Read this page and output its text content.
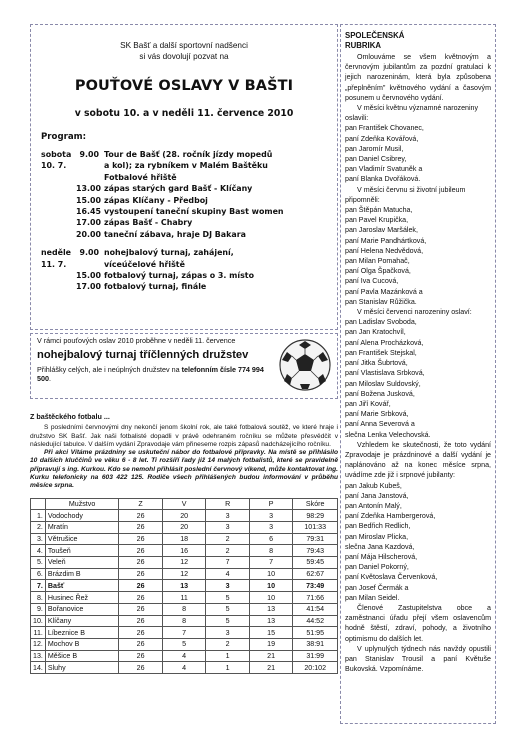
SK Bašť a další sportovní nadšenci
si vás dovolují pozvat na
POUŤOVÉ OSLAVY V BAŠTI
v sobotu 10. a v neděli 11. července 2010
Program:
sobota
10. 7.
9.00 Tour de Bašť (28. ročník jízdy mopedů
a kol); za rybníkem v Malém Baštěku
Fotbalové hřiště
13.00 zápas starých gard Bašť - Klíčany
15.00 zápas Klíčany - Předboj
16.45 vystoupení taneční skupiny Bast women
17.00 zápas Bašť - Chabry
20.00 taneční zábava, hraje DJ Bakara
neděle
11. 7.
9.00 nohejbalový turnaj, zahájení,
víceúčelové hřiště
15.00 fotbalový turnaj, zápas o 3. místo
17.00 fotbalový turnaj, finále
V rámci pouťových oslav 2010 proběhne v neděli 11. července
nohejbalový turnaj tříčlenných družstev
Přihlášky celých, ale i neúplných družstev na telefonním čísle 774 994 500.
Z baštěckého fotbalu ...

S posledními červnovými dny nekončí jenom školní rok, ale také fotbalová soutěž, ve které hraje i družstvo SK Bašť. Jak naši fotbalisté dopadli v právě odehraném ročníku se můžete přesvědčit v následující tabulce. V dalším vydání Zpravodaje vám přineseme rozpis zápasů nadcházejícího ročníku.

Při akci Vítáme prázdniny se uskuteční nábor do fotbalové přípravky. Na místě se přihlásilo 10 dalších kluččinů ve věku 6 - 8 let. Ti rozšíří řady již 14 malých fotbalistů, které se pravidelně připravují s ing. Kurkou. Kdo se nemohl přihlásit poslední červnový víkend, může kontaktovat ing. Kurku telefonicky na 603 422 125. Rodiče všech přihlášených budou informování v průběhu měsíce srpna.

	Mužstvo	Z	V	R	P	Skóre
1.	Vodochody	26	20	3	3	98:29
2.	Mratín	26	20	3	3	101:33
3.	Větrušice	26	18	2	6	79:31
4.	Toušeň	26	16	2	8	79:43
5.	Veleň	26	12	7	7	59:45
6.	Brázdim B	26	12	4	10	62:67
7.	Bašť	26	13	3	10	73:49
8.	Husinec Řež	26	11	5	10	71:66
9.	Bořanovice	26	8	5	13	41:54
10.	Klíčany	26	8	5	13	44:52
11.	Líbeznice B	26	7	3	15	51:95
12.	Mochov B	26	5	2	19	38:91
13.	Měšice B	26	4	1	21	31:99
14.	Sluhy	26	4	1	21	20:102
SPOLEČENSKÁ
RUBRIKA

Omlouváme se všem květnovým a červnovým jubilantům za pozdní gratulaci k jejich narozeninám, která byla způsobena „přeplněním" květnového vydání a časovým posunem u červnového vydání.

V měsíci květnu významné narozeniny oslavili:
pan František Chovanec,
paní Zdeňka Kovářová,
pan Jaromír Musil,
pan Daniel Csibrey,
pan Vladimír Svatuněk a
paní Blanka Dvořáková.
V měsíci červnu si životní jubileum připomněli:
pan Štěpán Matucha,
pan Pavel Krupička,
pan Jaroslav Maršálek,
paní Marie Pandhártková,
paní Helena Nedvědová,
pan Milan Pomahač,
paní Olga Špačková,
paní Iva Cucová,
paní Pavla Mazánková a
pan Stanislav Růžička.
V měsíci červenci narozeniny oslaví:
pan Ladislav Svoboda,
pan Jan Kratochvíl,
paní Alena Procházková,
pan František Stejskal,
paní Jitka Šubrtová,
paní Vlastislava Srbková,
pan Miloslav Suldovský,
paní Božena Jusková,
pan Jiří Kovář,
paní Marie Srbková,
paní Anna Severová a
slečna Lenka Velechovská.

Vzhledem ke skutečnosti, že toto vydání Zpravodaje je prázdninové a další vydání je naplánováno až na konec měsíce srpna, uvádíme zde již i srpnové jubilanty:

pan Jakub Kubeš,
paní Jana Janstová,
pan Antonín Malý,
paní Zdeňka Hambergerová,
pan Bedřich Redlich,
pan Miroslav Plicka,
slečna Jana Kazdová,
paní Mája Hilscherová,
pan Daniel Pokorný,
paní Květoslava Červenková,
pan Josef Čermák a
pan Milan Seidel.

Členové Zastupitelstva obce a zaměstnanci úřadu přejí všem oslavencům hodně štěstí, zdraví, pohody, a životního optimismu do dalších let.

V uplynulých týdnech nás navždy opustili pan Stanislav Trousil a paní Květuše Bukovská. Vzpomínáme.
